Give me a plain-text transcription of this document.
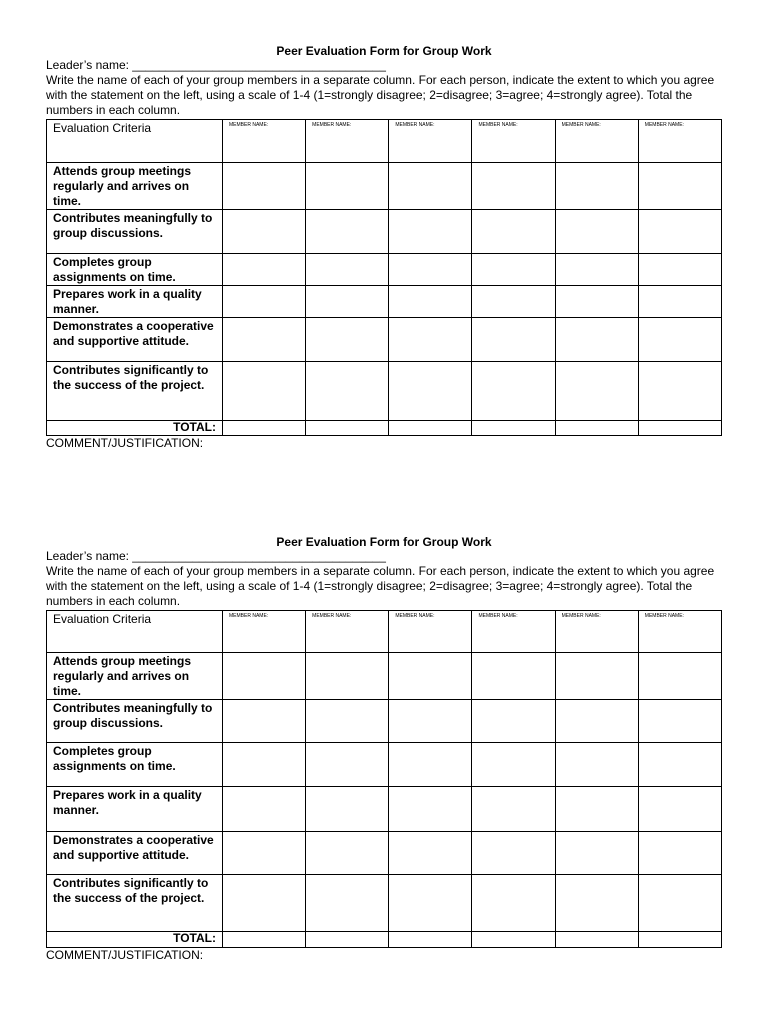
Peer Evaluation Form for Group Work

Leader’s name: ______________________________________

Write the name of each of your group members in a separate column. For each person, indicate the extent to which you agree with the statement on the left, using a scale of 1-4 (1=strongly disagree; 2=disagree; 3=agree; 4=strongly agree). Total the numbers in each column.

Evaluation Criteria	MEMBER NAME:	MEMBER NAME:	MEMBER NAME:	MEMBER NAME:	MEMBER NAME:	MEMBER NAME:
Attends group meetings regularly and arrives on time.						
Contributes meaningfully to group discussions.						
Completes group assignments on time.						
Prepares work in a quality manner.						
Demonstrates a cooperative and supportive attitude.						
Contributes significantly to the success of the project.						
TOTAL:						

COMMENT/JUSTIFICATION:

Peer Evaluation Form for Group Work

Leader’s name: ______________________________________

Write the name of each of your group members in a separate column. For each person, indicate the extent to which you agree with the statement on the left, using a scale of 1-4 (1=strongly disagree; 2=disagree; 3=agree; 4=strongly agree). Total the numbers in each column.

Evaluation Criteria	MEMBER NAME:	MEMBER NAME:	MEMBER NAME:	MEMBER NAME:	MEMBER NAME:	MEMBER NAME:
Attends group meetings regularly and arrives on time.						
Contributes meaningfully to group discussions.						
Completes group assignments on time.						
Prepares work in a quality manner.						
Demonstrates a cooperative and supportive attitude.						
Contributes significantly to the success of the project.						
TOTAL:						

COMMENT/JUSTIFICATION:
